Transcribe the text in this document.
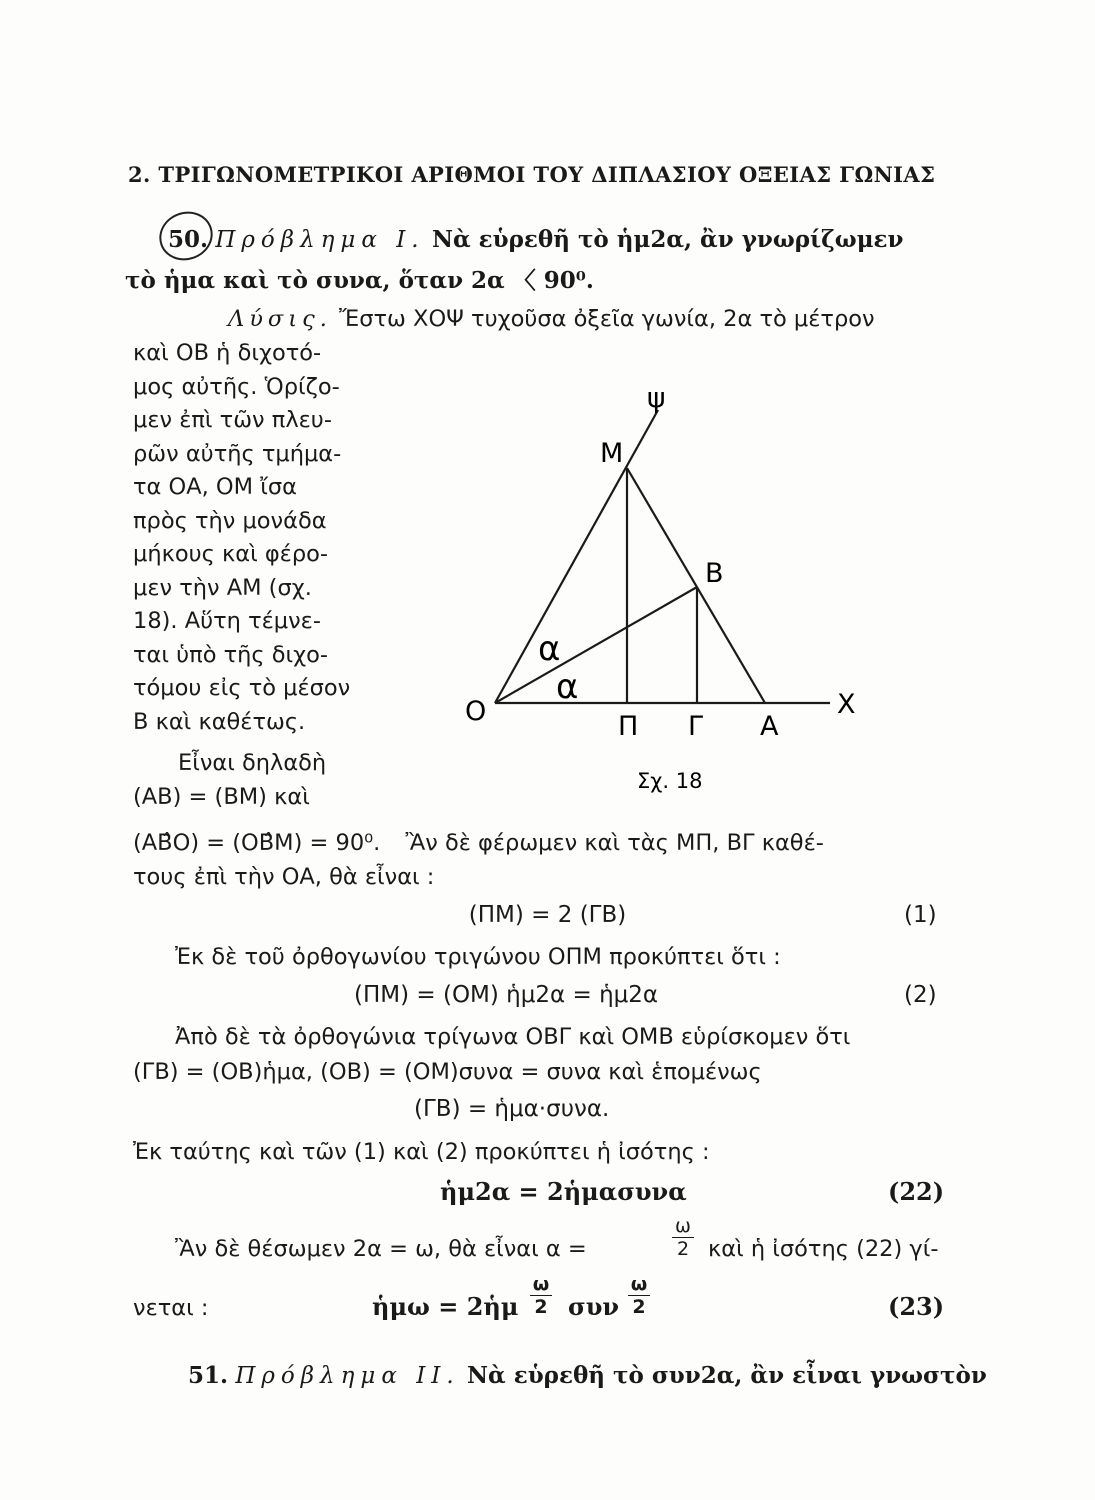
2. ΤΡΙΓΩΝΟΜΕΤΡΙΚΟΙ ΑΡΙΘΜΟΙ ΤΟΥ ΔΙΠΛΑΣΙΟΥ ΟΞΕΙΑΣ ΓΩΝΙΑΣ
50. Πρόβλημα Ι. Νὰ εὑρεθῆ τὸ ἡμ2α, ἂν γνωρίζωμεν
τὸ ἡμα καὶ τὸ συνα, ὅταν 2α 〈 90⁰.
Λύσις. Ἔστω ΧΟΨ τυχοῦσα ὀξεῖα γωνία, 2α τὸ μέτρον
καὶ ΟΒ ἡ διχοτό-
μος αὐτῆς. Ὁρίζο-
μεν ἐπὶ τῶν πλευ-
ρῶν αὐτῆς τμήμα-
τα ΟΑ, ΟΜ ἴσα
πρὸς τὴν μονάδα
μήκους καὶ φέρο-
μεν τὴν ΑΜ (σχ.
18). Αὕτη τέμνε-
ται ὑπὸ τῆς διχο-
τόμου εἰς τὸ μέσον
Β καὶ καθέτως.
Εἶναι δηλαδὴ
(ΑΒ) = (ΒΜ) καὶ
ψ
Μ
Β
α
α
Ο	Π Γ Α
Χ
Σχ. 18
(ΑΒ̂Ο) = (ΟΒ̂Μ) = 90⁰. Ἂν δὲ φέρωμεν καὶ τὰς ΜΠ, ΒΓ καθέ-
τους ἐπὶ τὴν ΟΑ, θὰ εἶναι :
(ΠΜ) = 2 (ΓΒ)	(1)
Ἐκ δὲ τοῦ ὀρθογωνίου τριγώνου ΟΠΜ προκύπτει ὅτι :
(ΠΜ) = (ΟΜ) ἡμ2α = ἡμ2α	(2)
Ἀπὸ δὲ τὰ ὀρθογώνια τρίγωνα ΟΒΓ καὶ ΟΜΒ εὑρίσκομεν ὅτι
(ΓΒ) = (ΟΒ)ἡμα, (ΟΒ) = (ΟΜ)συνα = συνα καὶ ἑπομένως
(ΓΒ) = ἡμα·συνα.
Ἐκ ταύτης καὶ τῶν (1) καὶ (2) προκύπτει ἡ ἰσότης :
ἡμ2α = 2ἡμασυνα	(22)
Ἂν δὲ θέσωμεν 2α = ω, θὰ εἶναι α =	$\frac{\omega}{2}$ καὶ ἡ ἰσότης (22) γί-
νεται :	ἡμω = 2ἡμ $\frac{\omega}{2}$ συν $\frac{\omega}{2}$	(23)
51. Πρόβλημα ΙΙ. Νὰ εὑρεθῆ τὸ συν2α, ἂν εἶναι γνωστὸν
